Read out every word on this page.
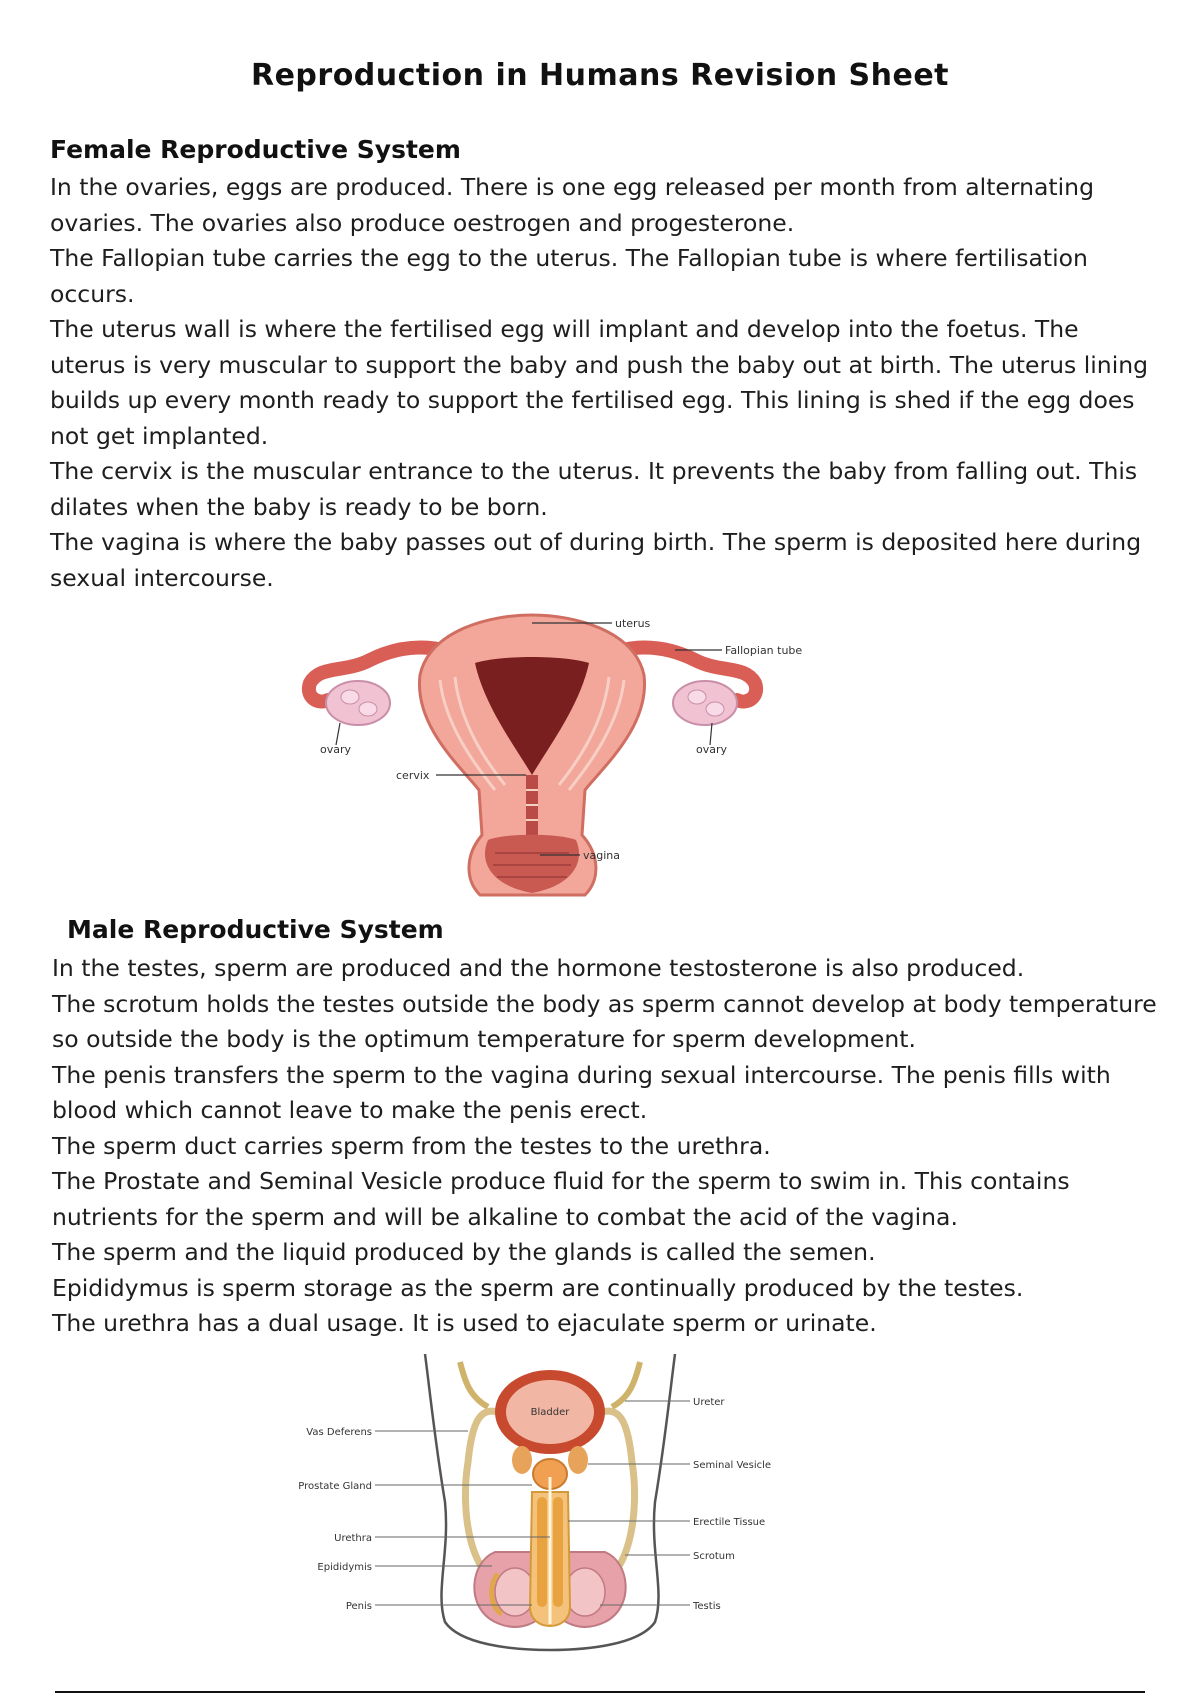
Reproduction in Humans Revision Sheet
Female Reproductive System

In the ovaries, eggs are produced. There is one egg released per month from alternating ovaries. The ovaries also produce oestrogen and progesterone.

The Fallopian tube carries the egg to the uterus. The Fallopian tube is where fertilisation occurs.

The uterus wall is where the fertilised egg will implant and develop into the foetus. The uterus is very muscular to support the baby and push the baby out at birth. The uterus lining builds up every month ready to support the fertilised egg. This lining is shed if the egg does not get implanted.

The cervix is the muscular entrance to the uterus. It prevents the baby from falling out. This dilates when the baby is ready to be born.

The vagina is where the baby passes out of during birth. The sperm is deposited here during sexual intercourse.

uterus
Fallopian tube
ovary	ovary
cervix
vagina
Male Reproductive System

In the testes, sperm are produced and the hormone testosterone is also produced.

The scrotum holds the testes outside the body as sperm cannot develop at body temperature so outside the body is the optimum temperature for sperm development.

The penis transfers the sperm to the vagina during sexual intercourse. The penis fills with blood which cannot leave to make the penis erect.

The sperm duct carries sperm from the testes to the urethra.

The Prostate and Seminal Vesicle produce fluid for the sperm to swim in. This contains nutrients for the sperm and will be alkaline to combat the acid of the vagina.

The sperm and the liquid produced by the glands is called the semen.

Epididymus is sperm storage as the sperm are continually produced by the testes.

The urethra has a dual usage. It is used to ejaculate sperm or urinate.

Bladder
Ureter
Vas Deferens
Seminal Vesicle
Prostate Gland
Erectile Tissue
Urethra
Scrotum
Epididymis
Penis	Testis
